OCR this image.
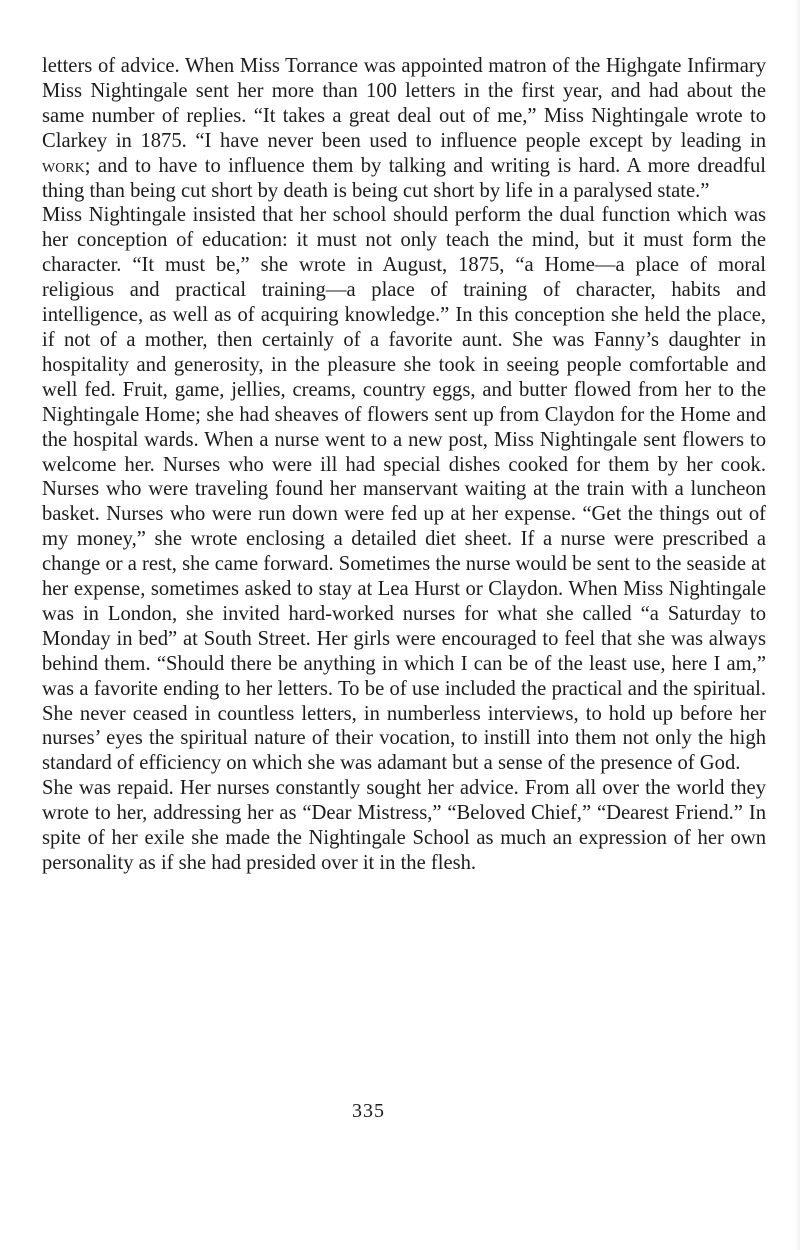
letters of advice. When Miss Torrance was appointed matron of the Highgate Infirmary Miss Nightingale sent her more than 100 letters in the first year, and had about the same number of replies. “It takes a great deal out of me,” Miss Nightingale wrote to Clarkey in 1875. “I have never been used to influence people except by leading in work; and to have to influence them by talking and writing is hard. A more dreadful thing than being cut short by death is being cut short by life in a paralysed state.”

Miss Nightingale insisted that her school should perform the dual function which was her conception of education: it must not only teach the mind, but it must form the character. “It must be,” she wrote in August, 1875, “a Home—a place of moral religious and practical training—a place of training of character, habits and intelligence, as well as of acquiring knowledge.” In this conception she held the place, if not of a mother, then certainly of a favorite aunt. She was Fanny’s daughter in hospitality and generosity, in the pleasure she took in seeing people comfortable and well fed. Fruit, game, jellies, creams, country eggs, and butter flowed from her to the Nightingale Home; she had sheaves of flowers sent up from Claydon for the Home and the hospital wards. When a nurse went to a new post, Miss Nightingale sent flowers to welcome her. Nurses who were ill had special dishes cooked for them by her cook. Nurses who were traveling found her manservant waiting at the train with a luncheon basket. Nurses who were run down were fed up at her expense. “Get the things out of my money,” she wrote enclosing a detailed diet sheet. If a nurse were prescribed a change or a rest, she came forward. Sometimes the nurse would be sent to the seaside at her expense, sometimes asked to stay at Lea Hurst or Claydon. When Miss Nightingale was in London, she invited hard-worked nurses for what she called “a Saturday to Monday in bed” at South Street. Her girls were encouraged to feel that she was always behind them. “Should there be anything in which I can be of the least use, here I am,” was a favorite ending to her letters. To be of use included the practical and the spiritual. She never ceased in countless letters, in numberless interviews, to hold up before her nurses’ eyes the spiritual nature of their vocation, to instill into them not only the high standard of efficiency on which she was adamant but a sense of the presence of God.

She was repaid. Her nurses constantly sought her advice. From all over the world they wrote to her, addressing her as “Dear Mistress,” “Beloved Chief,” “Dearest Friend.” In spite of her exile she made the Nightingale School as much an expression of her own personality as if she had presided over it in the flesh.

335
